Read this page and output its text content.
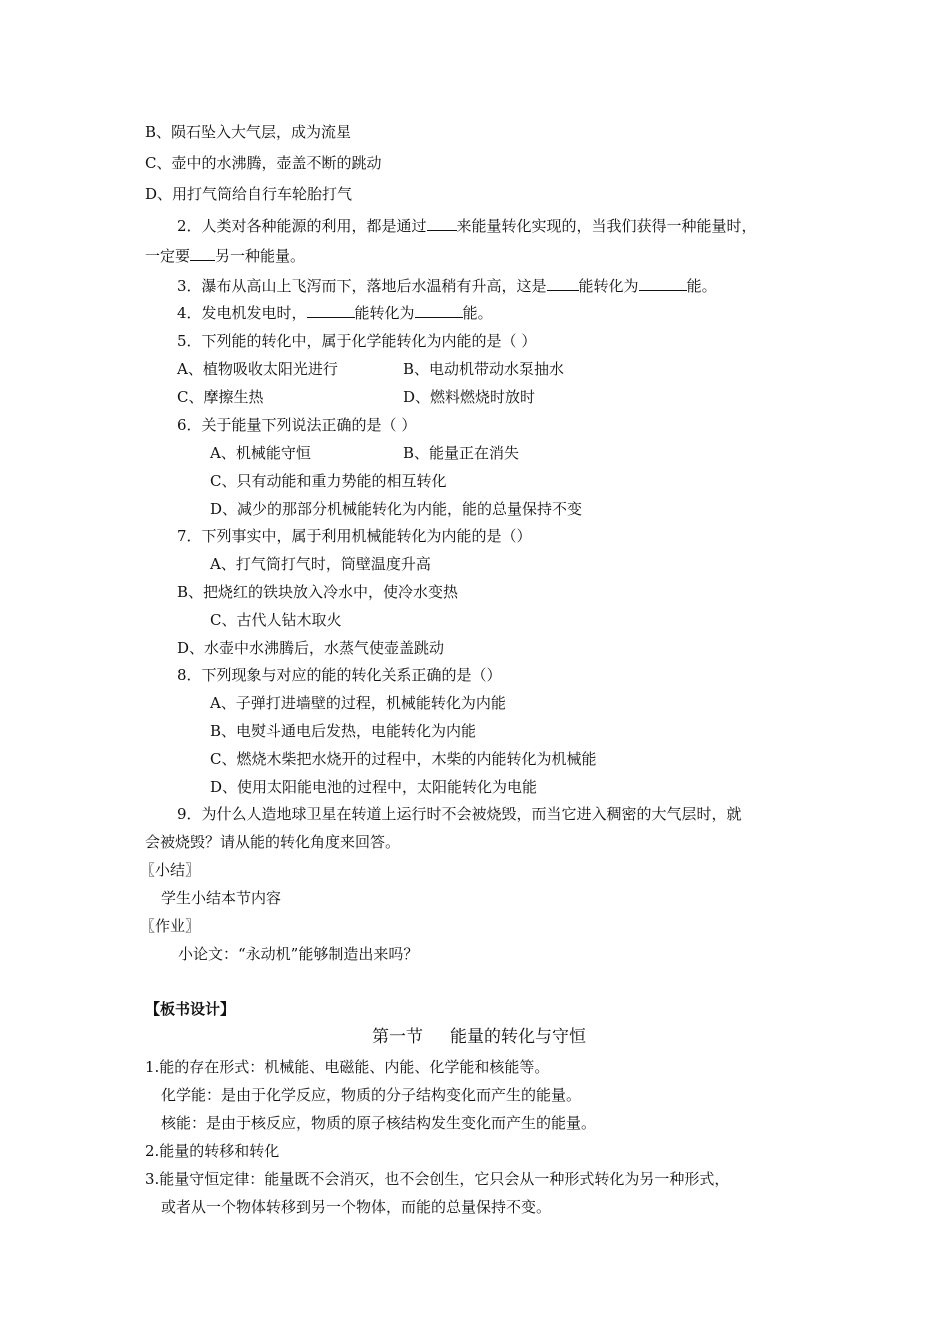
B、陨石坠入大气层，成为流星
C、壶中的水沸腾，壶盖不断的跳动
D、用打气筒给自行车轮胎打气
2．人类对各种能源的利用，都是通过 来能量转化实现的，当我们获得一种能量时，
一定要 另一种能量。
3．瀑布从高山上飞泻而下，落地后水温稍有升高，这是 能转化为	能。
4．发电机发电时，	能转化为	能。
5．下列能的转化中，属于化学能转化为内能的是（ ）
A、植物吸收太阳光进行	B、电动机带动水泵抽水
C、摩擦生热	D、燃料燃烧时放时
6．关于能量下列说法正确的是（ ）
A、机械能守恒	B、能量正在消失
C、只有动能和重力势能的相互转化
D、减少的那部分机械能转化为内能，能的总量保持不变
7．下列事实中，属于利用机械能转化为内能的是（）
A、打气筒打气时，筒壁温度升高
B、把烧红的铁块放入冷水中，使冷水变热
C、古代人钻木取火
D、水壶中水沸腾后，水蒸气使壶盖跳动
8．下列现象与对应的能的转化关系正确的是（）
A、子弹打进墙壁的过程，机械能转化为内能
B、电熨斗通电后发热，电能转化为内能
C、燃烧木柴把水烧开的过程中，木柴的内能转化为机械能
D、使用太阳能电池的过程中，太阳能转化为电能
9．为什么人造地球卫星在转道上运行时不会被烧毁，而当它进入稠密的大气层时，就
会被烧毁？请从能的转化角度来回答。
〖小结〗
学生小结本节内容
〖作业〗
小论文：“永动机”能够制造出来吗？
【板书设计】
第一节     能量的转化与守恒
1.能的存在形式：机械能、电磁能、内能、化学能和核能等。
化学能：是由于化学反应，物质的分子结构变化而产生的能量。
核能：是由于核反应，物质的原子核结构发生变化而产生的能量。
2.能量的转移和转化
3.能量守恒定律：能量既不会消灭，也不会创生，它只会从一种形式转化为另一种形式，
或者从一个物体转移到另一个物体，而能的总量保持不变。
